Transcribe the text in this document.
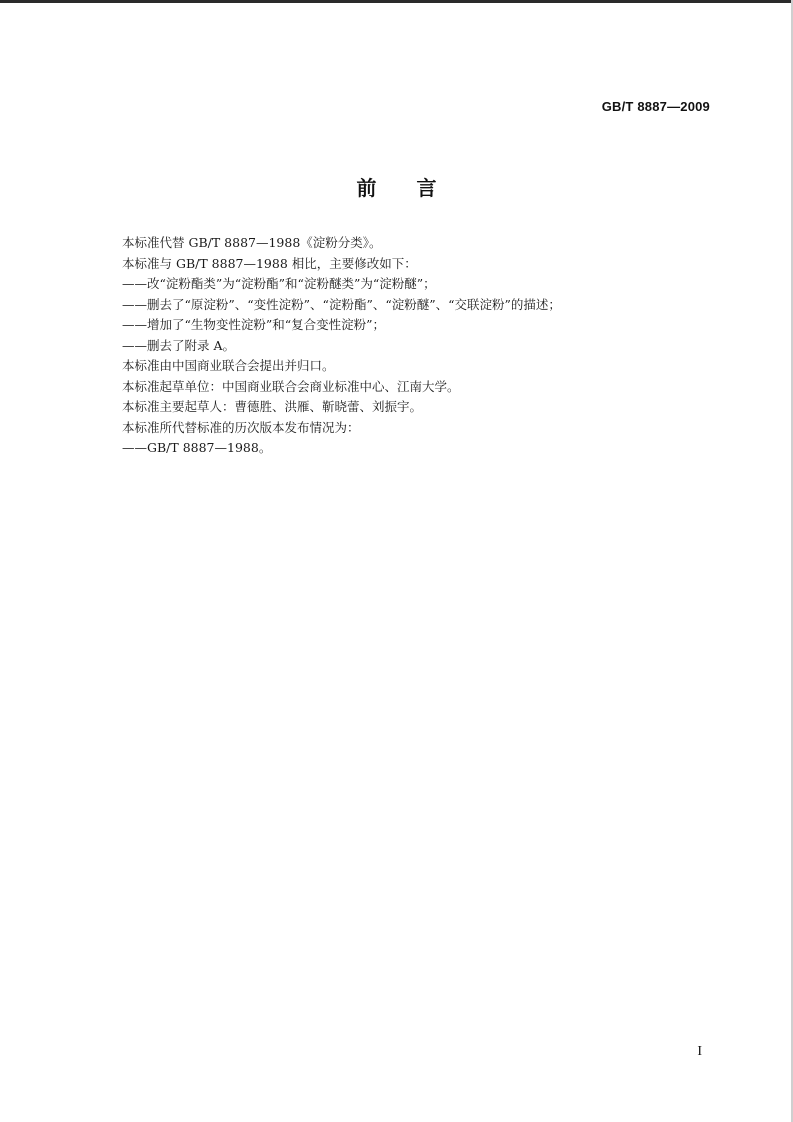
GB/T 8887—2009
前言
本标准代替 GB/T 8887—1988《淀粉分类》。
本标准与 GB/T 8887—1988 相比，主要修改如下：
——改“淀粉酯类”为“淀粉酯”和“淀粉醚类”为“淀粉醚”；
——删去了“原淀粉”、“变性淀粉”、“淀粉酯”、“淀粉醚”、“交联淀粉”的描述；
——增加了“生物变性淀粉”和“复合变性淀粉”；
——删去了附录 A。
本标准由中国商业联合会提出并归口。
本标准起草单位：中国商业联合会商业标准中心、江南大学。
本标准主要起草人：曹德胜、洪雁、靳晓蕾、刘振宇。
本标准所代替标准的历次版本发布情况为：
——GB/T 8887—1988。
I
